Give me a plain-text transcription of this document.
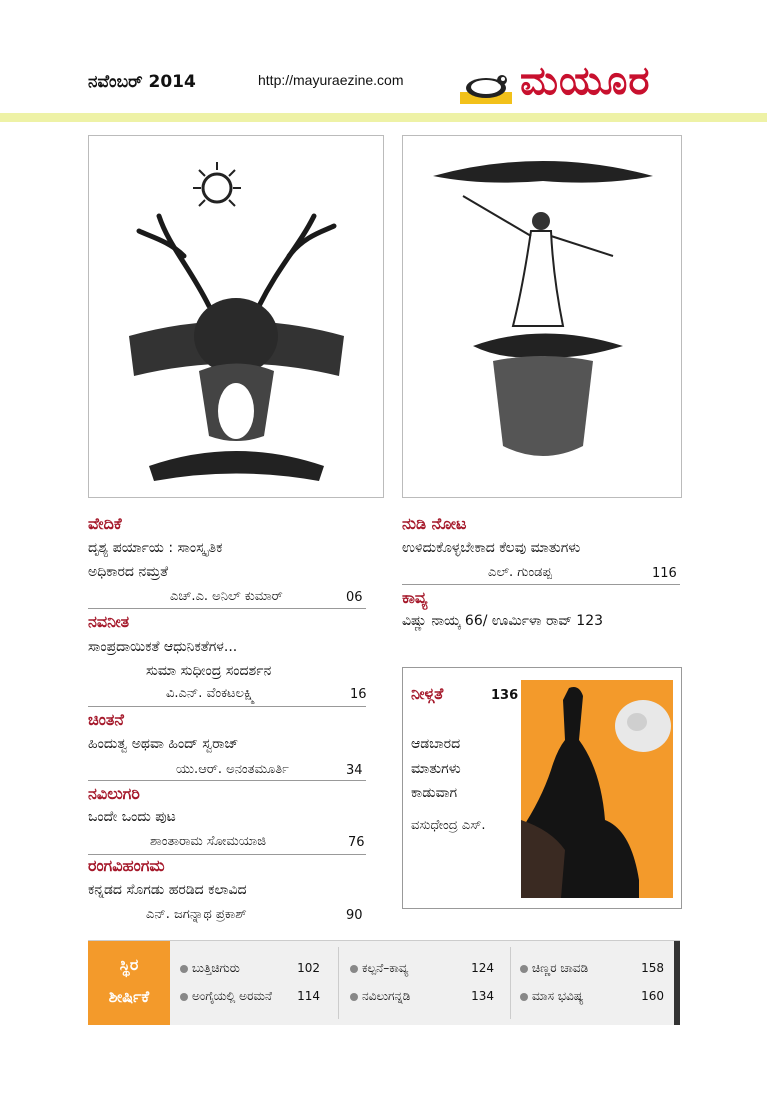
ನವೆಂಬರ್ 2014	http://mayuraezine.com	ಮಯೂರ
ವೇದಿಕೆ
ದೃಶ್ಯ ಪರ್ಯಾಯ : ಸಾಂಸ್ಕೃತಿಕ
ಅಧಿಕಾರದ ನಮ್ರತೆ
ಎಚ್.ಎ. ಅನಿಲ್ ಕುಮಾರ್	06
ನವನೀತ
ಸಾಂಪ್ರದಾಯಿಕತೆ ಆಧುನಿಕತೆಗಳ...
ಸುಮಾ ಸುಧೀಂದ್ರ ಸಂದರ್ಶನ
ವಿ.ಎನ್. ವೆಂಕಟಲಕ್ಷ್ಮಿ	16
ಚಿಂತನೆ
ಹಿಂದುತ್ವ ಅಥವಾ ಹಿಂದ್ ಸ್ವರಾಜ್
ಯು.ಆರ್. ಅನಂತಮೂರ್ತಿ	34
ನವಿಲುಗರಿ
ಒಂದೇ ಒಂದು ಪುಟ
ಶಾಂತಾರಾಮ ಸೋಮಯಾಜಿ	76
ರಂಗವಿಹಂಗಮ
ಕನ್ನಡದ ಸೊಗಡು ಹರಡಿದ ಕಲಾವಿದ
ಎನ್. ಜಗನ್ನಾಥ ಪ್ರಕಾಶ್	90
ನುಡಿ ನೋಟ
ಉಳಿದುಕೊಳ್ಳಬೇಕಾದ ಕೆಲವು ಮಾತುಗಳು
ಎಲ್. ಗುಂಡಪ್ಪ	116
ಕಾವ್ಯ
ವಿಷ್ಣು ನಾಯ್ಕ 66/ ಊರ್ಮಿಳಾ ರಾವ್ 123
ನೀಳ್ಗತೆ	136
ಆಡಬಾರದ
ಮಾತುಗಳು
ಕಾಡುವಾಗ
ವಸುಧೇಂದ್ರ ಎಸ್.
ಸ್ಥಿರ
ಶೀರ್ಷಿಕೆ
ಬುತ್ತಿಚಿಗುರು	102
ಅಂಗೈಯಲ್ಲಿ ಅರಮನೆ 114
ಕಲ್ಪನೆ–ಕಾವ್ಯ	124
ನವಿಲುಗನ್ನಡಿ	134
ಚಿಣ್ಣರ ಚಾವಡಿ	158
ಮಾಸ ಭವಿಷ್ಯ	160
